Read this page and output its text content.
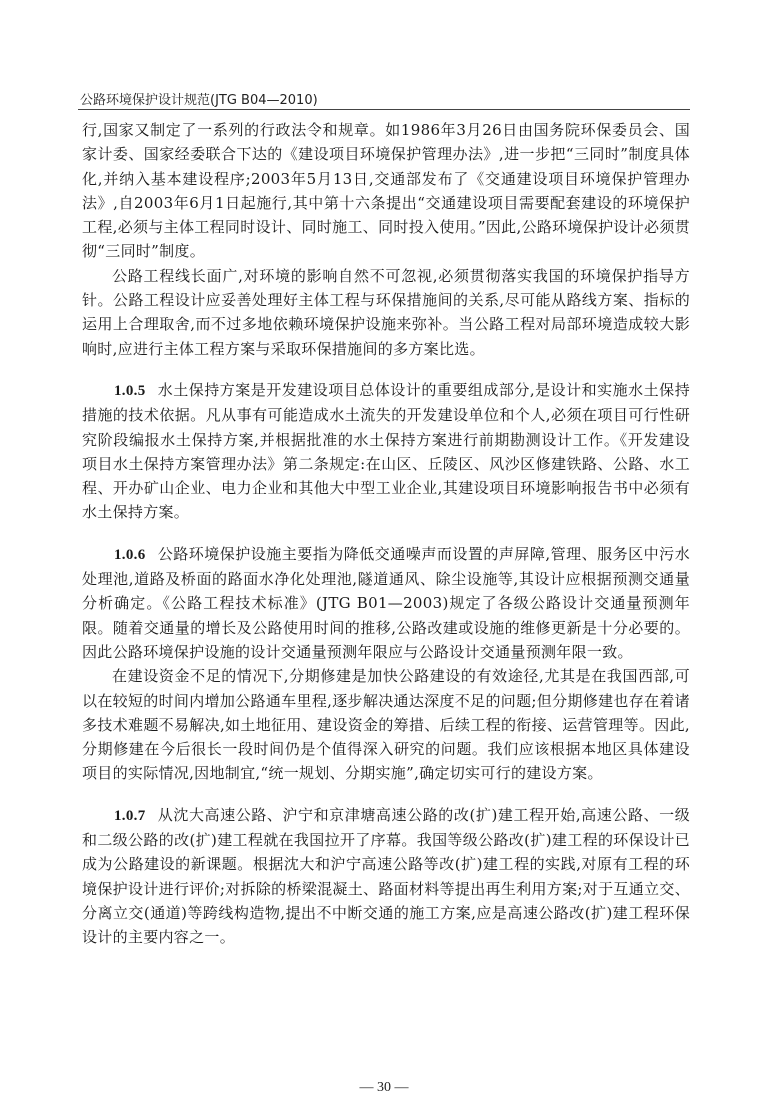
公路环境保护设计规范(JTG B04—2010)

行,国家又制定了一系列的行政法令和规章。如1986年3月26日由国务院环保委员会、国家计委、国家经委联合下达的《建设项目环境保护管理办法》,进一步把“三同时”制度具体化,并纳入基本建设程序;2003年5月13日,交通部发布了《交通建设项目环境保护管理办法》,自2003年6月1日起施行,其中第十六条提出“交通建设项目需要配套建设的环境保护工程,必须与主体工程同时设计、同时施工、同时投入使用。”因此,公路环境保护设计必须贯彻“三同时”制度。

公路工程线长面广,对环境的影响自然不可忽视,必须贯彻落实我国的环境保护指导方针。公路工程设计应妥善处理好主体工程与环保措施间的关系,尽可能从路线方案、指标的运用上合理取舍,而不过多地依赖环境保护设施来弥补。当公路工程对局部环境造成较大影响时,应进行主体工程方案与采取环保措施间的多方案比选。

1.0.5 水土保持方案是开发建设项目总体设计的重要组成部分,是设计和实施水土保持措施的技术依据。凡从事有可能造成水土流失的开发建设单位和个人,必须在项目可行性研究阶段编报水土保持方案,并根据批准的水土保持方案进行前期勘测设计工作。《开发建设项目水土保持方案管理办法》第二条规定:在山区、丘陵区、风沙区修建铁路、公路、水工程、开办矿山企业、电力企业和其他大中型工业企业,其建设项目环境影响报告书中必须有水土保持方案。

1.0.6 公路环境保护设施主要指为降低交通噪声而设置的声屏障,管理、服务区中污水处理池,道路及桥面的路面水净化处理池,隧道通风、除尘设施等,其设计应根据预测交通量分析确定。《公路工程技术标准》(JTG B01—2003)规定了各级公路设计交通量预测年限。随着交通量的增长及公路使用时间的推移,公路改建或设施的维修更新是十分必要的。因此公路环境保护设施的设计交通量预测年限应与公路设计交通量预测年限一致。

在建设资金不足的情况下,分期修建是加快公路建设的有效途径,尤其是在我国西部,可以在较短的时间内增加公路通车里程,逐步解决通达深度不足的问题;但分期修建也存在着诸多技术难题不易解决,如土地征用、建设资金的筹措、后续工程的衔接、运营管理等。因此,分期修建在今后很长一段时间仍是个值得深入研究的问题。我们应该根据本地区具体建设项目的实际情况,因地制宜,“统一规划、分期实施”,确定切实可行的建设方案。

1.0.7 从沈大高速公路、沪宁和京津塘高速公路的改(扩)建工程开始,高速公路、一级和二级公路的改(扩)建工程就在我国拉开了序幕。我国等级公路改(扩)建工程的环保设计已成为公路建设的新课题。根据沈大和沪宁高速公路等改(扩)建工程的实践,对原有工程的环境保护设计进行评价;对拆除的桥梁混凝土、路面材料等提出再生利用方案;对于互通立交、分离立交(通道)等跨线构造物,提出不中断交通的施工方案,应是高速公路改(扩)建工程环保设计的主要内容之一。

— 30 —
